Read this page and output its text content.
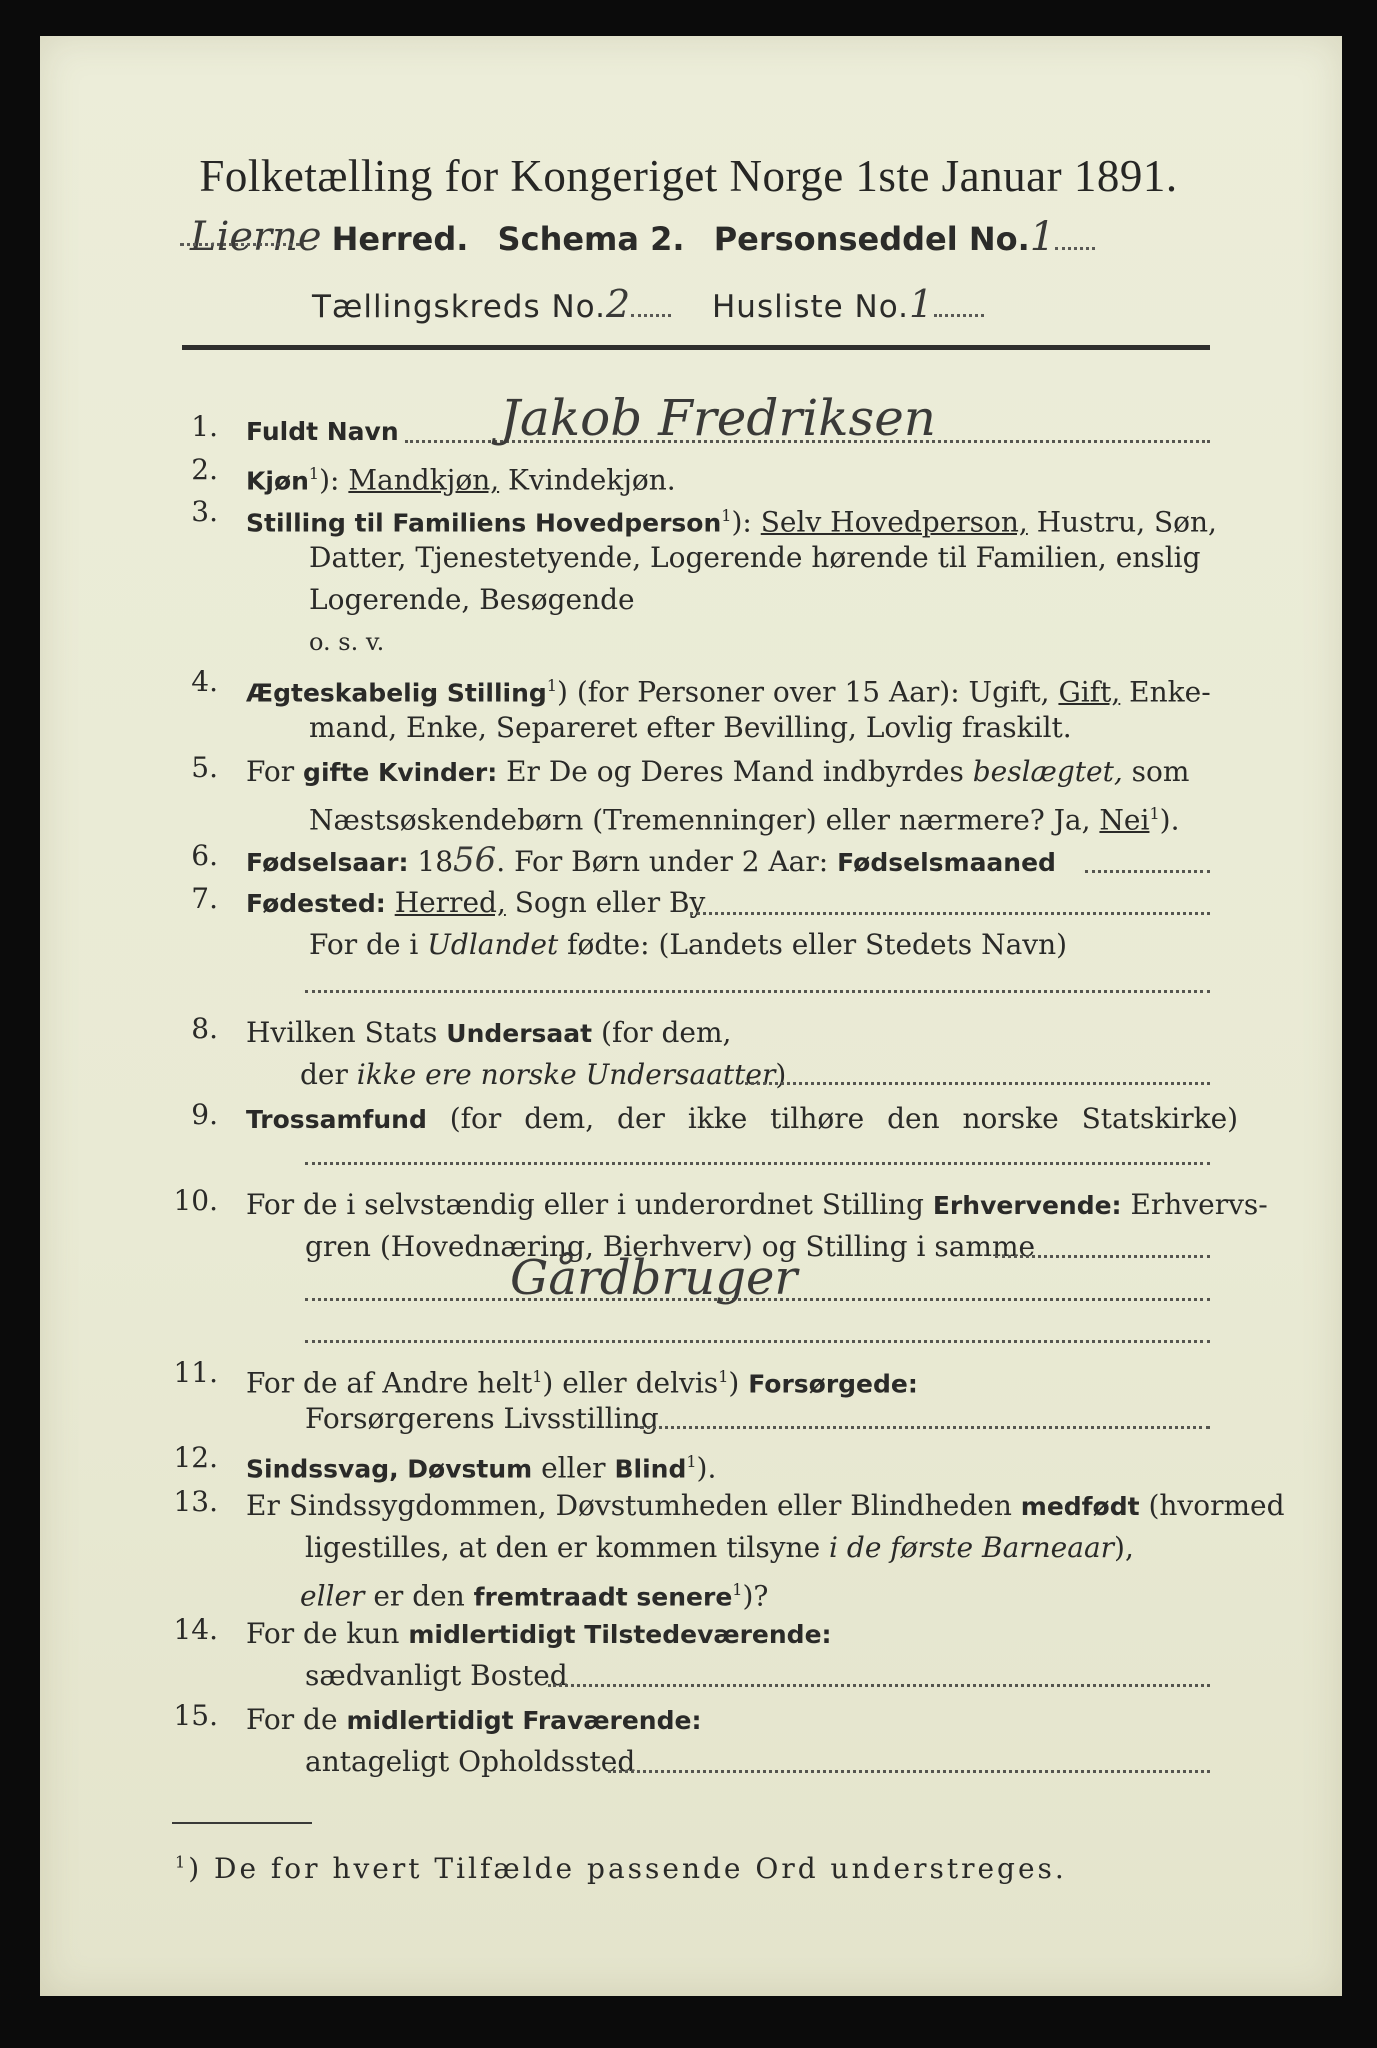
Folketælling for Kongeriget Norge 1ste Januar 1891.
Lierne Herred. Schema 2. Personseddel No.1
Tællingskreds No.2	Husliste No.1
1. Fuldt Navn Jakob Fredriksen
2. Kjøn$^1$): Mandkjøn, Kvindekjøn.
3. Stilling til Familiens Hovedperson$^1$): Selv Hovedperson, Hustru, Søn,
Datter, Tjenestetyende, Logerende hørende til Familien, enslig
Logerende, Besøgende
o. s. v.
4. Ægteskabelig Stilling$^1$) (for Personer over 15 Aar): Ugift, Gift, Enke-
mand, Enke, Separeret efter Bevilling, Lovlig fraskilt.
5. For gifte Kvinder: Er De og Deres Mand indbyrdes beslægtet, som
Næstsøskendebørn (Tremenninger) eller nærmere? Ja, Nei$^1$).
6. Fødselsaar: 1856. For Børn under 2 Aar: Fødselsmaaned
7. Fødested: Herred, Sogn eller By
For de i Udlandet fødte: (Landets eller Stedets Navn)
8. Hvilken Stats Undersaat (for dem,
der ikke ere norske Undersaatter)
9. Trossamfund (for dem, der ikke tilhøre den norske Statskirke)
10. For de i selvstændig eller i underordnet Stilling Erhvervende: Erhvervs-
gren (Hovednæring, Bierhverv) og Stilling i samme
Gårdbruger
11. For de af Andre helt$^1$) eller delvis$^1$) Forsørgede:
Forsørgerens Livsstilling
12. Sindssvag, Døvstum eller Blind$^1$).
13. Er Sindssygdommen, Døvstumheden eller Blindheden medfødt (hvormed
ligestilles, at den er kommen tilsyne i de første Barneaar),
eller er den fremtraadt senere$^1$)?
14. For de kun midlertidigt Tilstedeværende:
sædvanligt Bosted
15. For de midlertidigt Fraværende:
antageligt Opholdssted
$^1$) De for hvert Tilfælde passende Ord understreges.
